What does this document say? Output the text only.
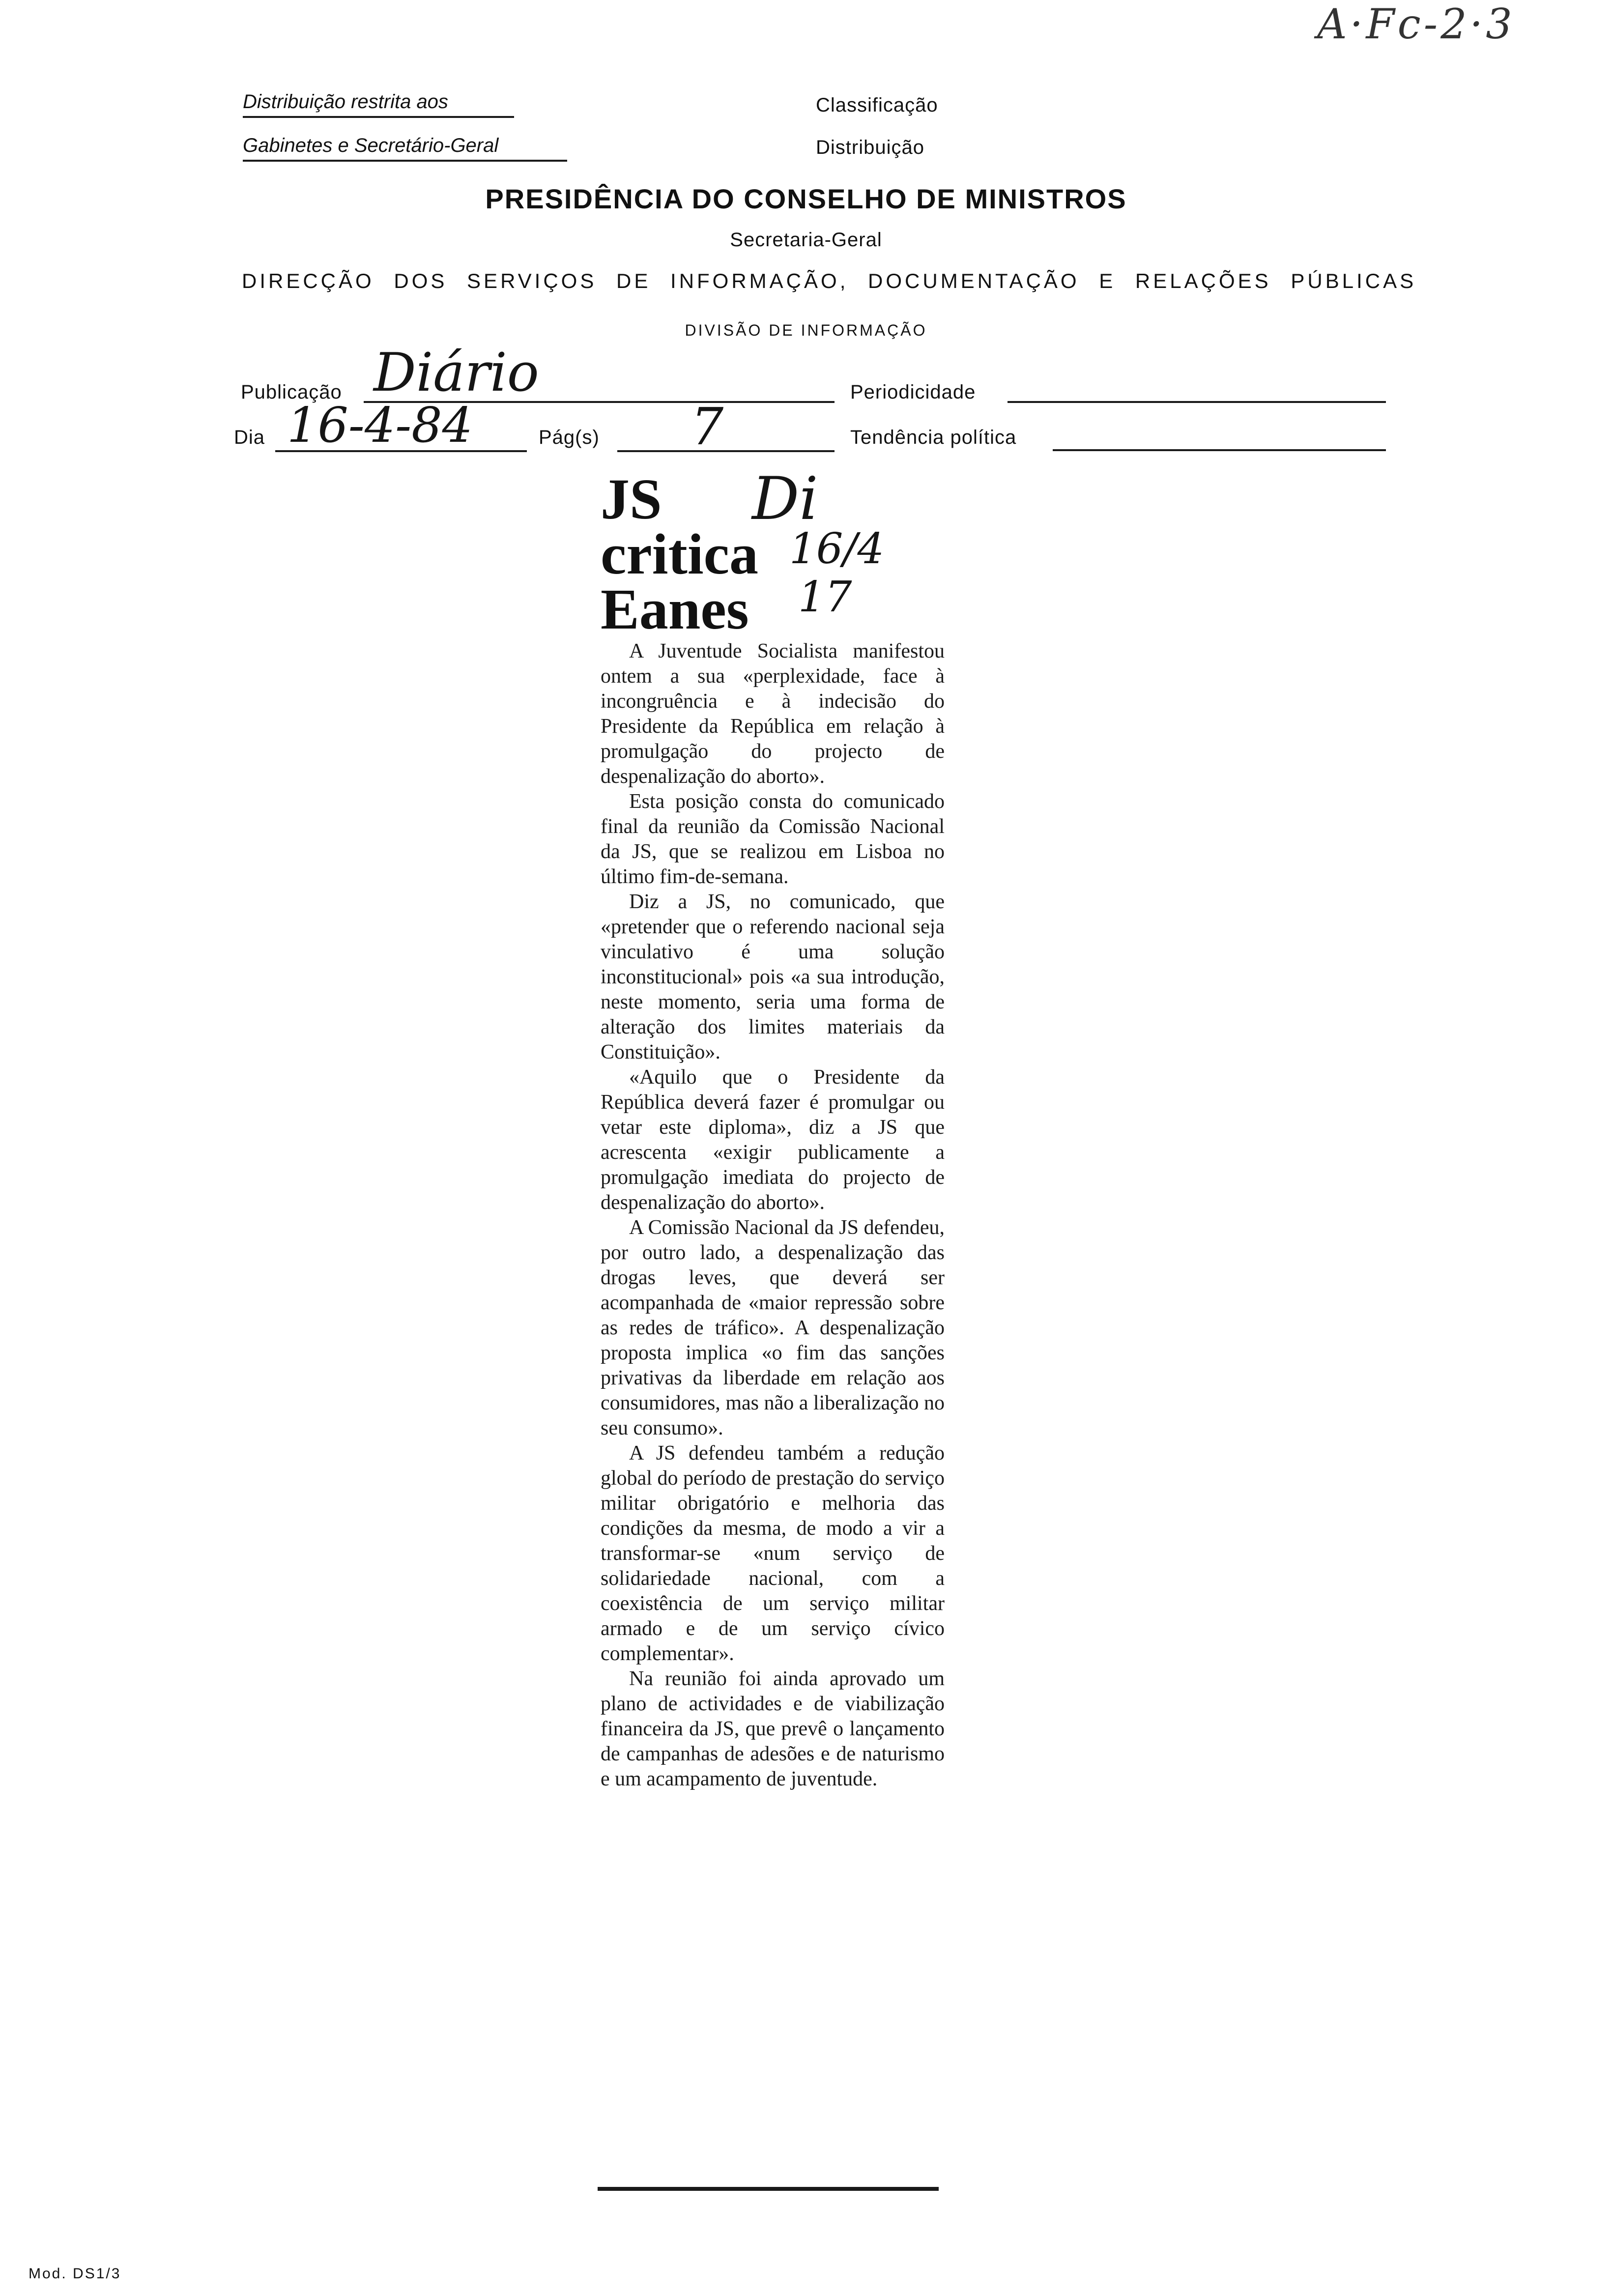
A·Fc-2·3
Distribuição restrita aos
Gabinetes e Secretário-Geral
Classificação
Distribuição
PRESIDÊNCIA DO CONSELHO DE MINISTROS
Secretaria-Geral
DIRECÇÃO DOS SERVIÇOS DE INFORMAÇÃO, DOCUMENTAÇÃO E RELAÇÕES PÚBLICAS
DIVISÃO DE INFORMAÇÃO
Publicação Diário	Periodicidade
Dia 16-4-84	Pág(s) 7	Tendência política
JS
critica
Eanes
Di
16/4
17

A Juventude Socialista manifestou ontem a sua «perplexidade, face à incongruência e à indecisão do Presidente da República em relação à promulgação do projecto de despenalização do aborto».

Esta posição consta do comunicado final da reunião da Comissão Nacional da JS, que se realizou em Lisboa no último fim-de-semana.

Diz a JS, no comunicado, que «pretender que o referendo nacional seja vinculativo é uma solução inconstitucional» pois «a sua introdução, neste momento, seria uma forma de alteração dos limites materiais da Constituição».

«Aquilo que o Presidente da República deverá fazer é promulgar ou vetar este diploma», diz a JS que acrescenta «exigir publicamente a promulgação imediata do projecto de despenalização do aborto».

A Comissão Nacional da JS defendeu, por outro lado, a despenalização das drogas leves, que deverá ser acompanhada de «maior repressão sobre as redes de tráfico». A despenalização proposta implica «o fim das sanções privativas da liberdade em relação aos consumidores, mas não a liberalização no seu consumo».

A JS defendeu também a redução global do período de prestação do serviço militar obrigatório e melhoria das condições da mesma, de modo a vir a transformar-se «num serviço de solidariedade nacional, com a coexistência de um serviço militar armado e de um serviço cívico complementar».

Na reunião foi ainda aprovado um plano de actividades e de viabilização financeira da JS, que prevê o lançamento de campanhas de adesões e de naturismo e um acampamento de juventude.

Mod. DS1/3
